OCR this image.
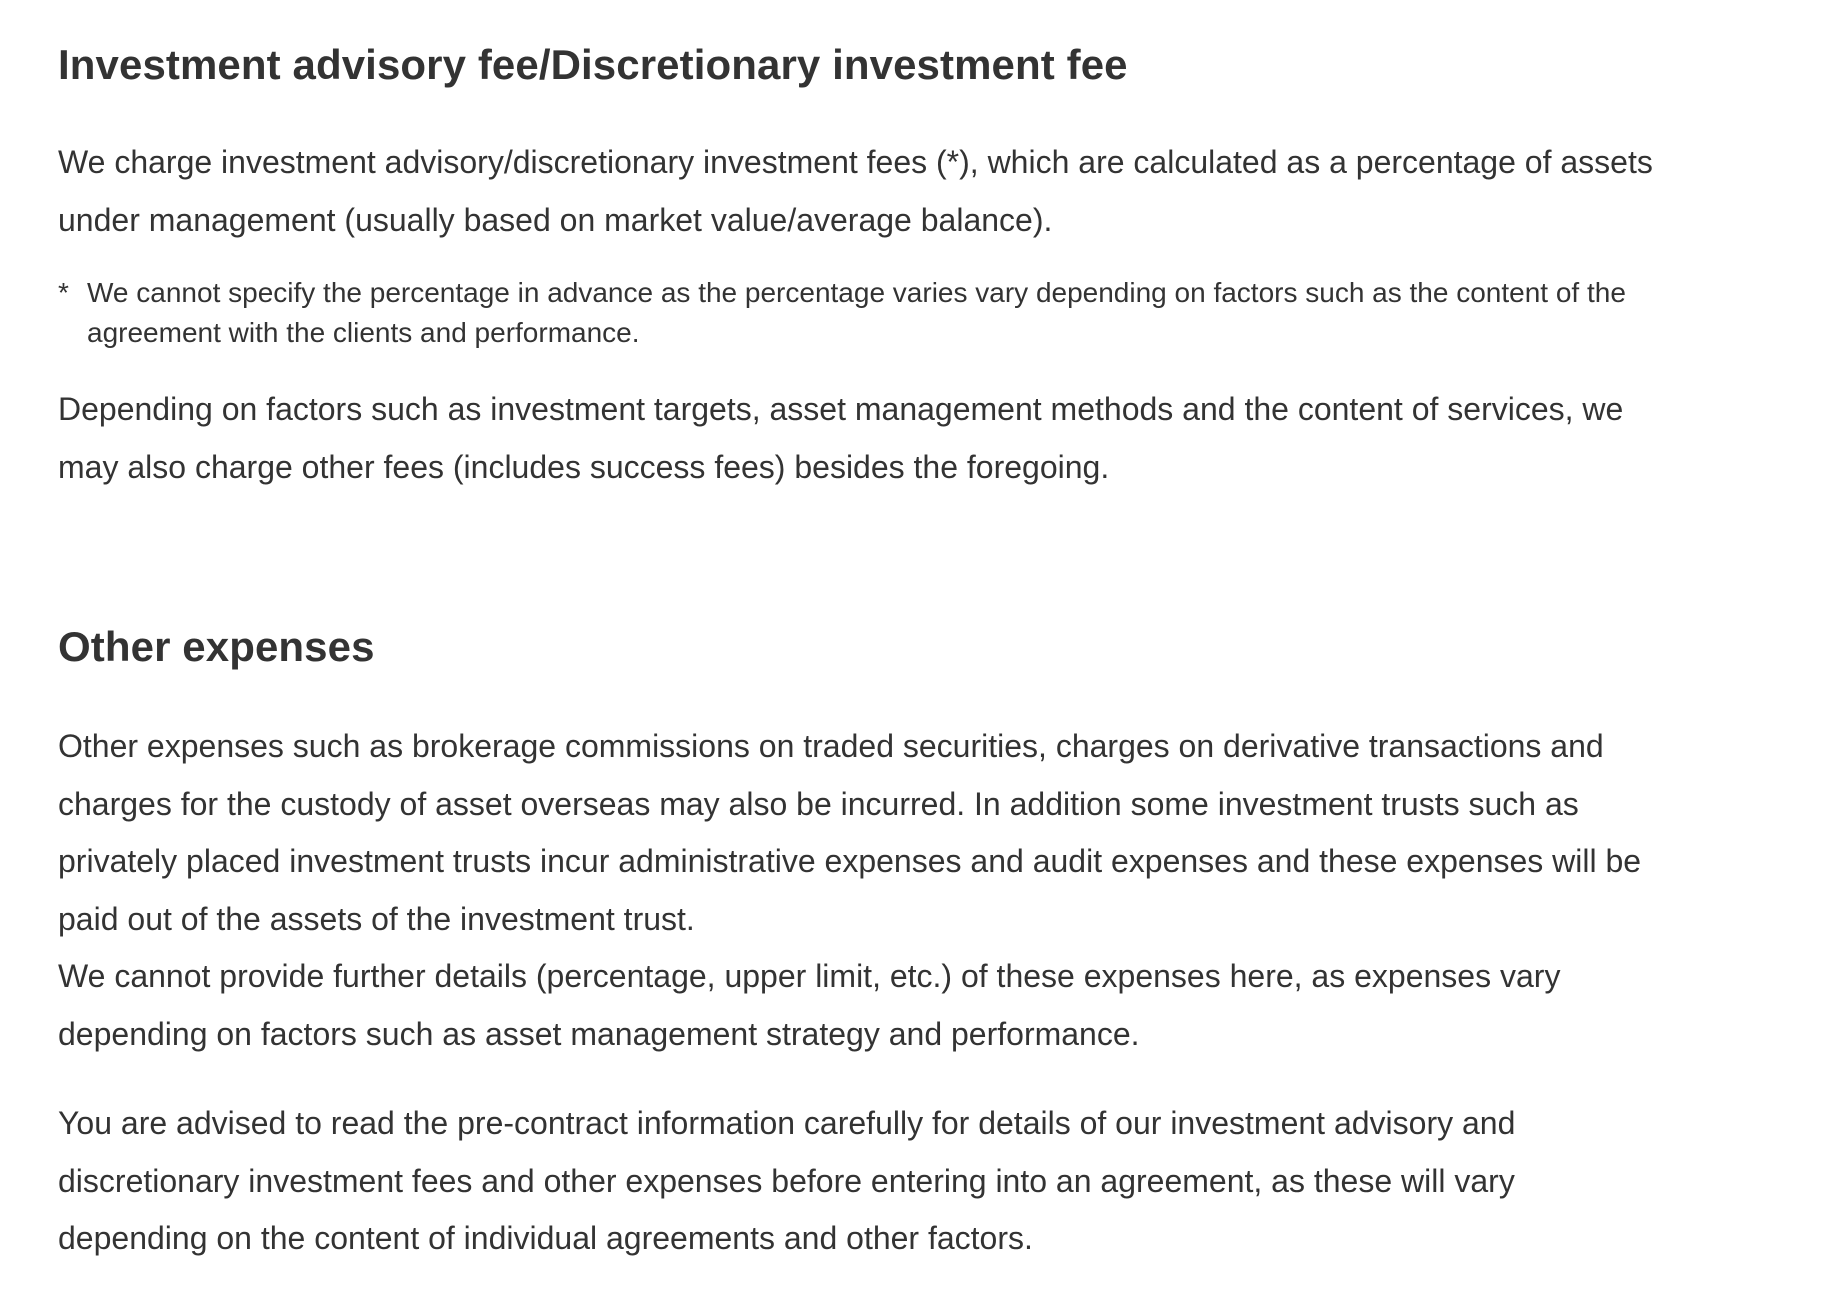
Investment advisory fee/Discretionary investment fee

We charge investment advisory/discretionary investment fees (*), which are calculated as a percentage of assets under management (usually based on market value/average balance).

* We cannot specify the percentage in advance as the percentage varies vary depending on factors such as the content of the agreement with the clients and performance.

Depending on factors such as investment targets, asset management methods and the content of services, we may also charge other fees (includes success fees) besides the foregoing.

Other expenses

Other expenses such as brokerage commissions on traded securities, charges on derivative transactions and charges for the custody of asset overseas may also be incurred. In addition some investment trusts such as privately placed investment trusts incur administrative expenses and audit expenses and these expenses will be paid out of the assets of the investment trust.

We cannot provide further details (percentage, upper limit, etc.) of these expenses here, as expenses vary depending on factors such as asset management strategy and performance.

You are advised to read the pre-contract information carefully for details of our investment advisory and discretionary investment fees and other expenses before entering into an agreement, as these will vary depending on the content of individual agreements and other factors.
